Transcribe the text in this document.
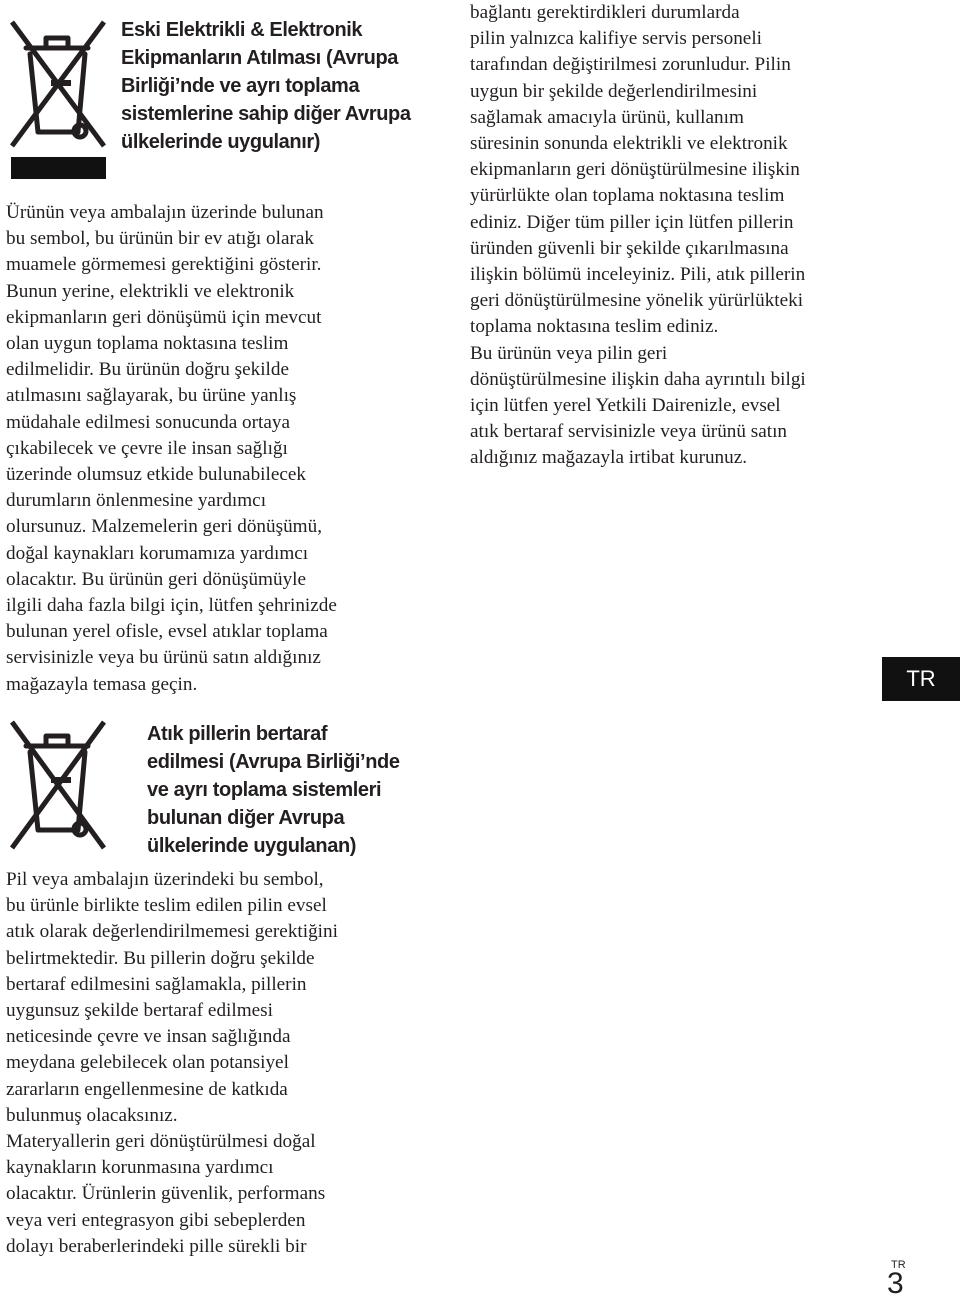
Eski Elektrikli & Elektronik
Ekipmanların Atılması (Avrupa
Birliği’nde ve ayrı toplama
sistemlerine sahip diğer Avrupa
ülkelerinde uygulanır)
Ürünün veya ambalajın üzerinde bulunan
bu sembol, bu ürünün bir ev atığı olarak
muamele görmemesi gerektiğini gösterir.
Bunun yerine, elektrikli ve elektronik
ekipmanların geri dönüşümü için mevcut
olan uygun toplama noktasına teslim
edilmelidir. Bu ürünün doğru şekilde
atılmasını sağlayarak, bu ürüne yanlış
müdahale edilmesi sonucunda ortaya
çıkabilecek ve çevre ile insan sağlığı
üzerinde olumsuz etkide bulunabilecek
durumların önlenmesine yardımcı
olursunuz. Malzemelerin geri dönüşümü,
doğal kaynakları korumamıza yardımcı
olacaktır. Bu ürünün geri dönüşümüyle
ilgili daha fazla bilgi için, lütfen şehrinizde
bulunan yerel ofisle, evsel atıklar toplama
servisinizle veya bu ürünü satın aldığınız
mağazayla temasa geçin.
Atık pillerin bertaraf
edilmesi (Avrupa Birliği’nde
ve ayrı toplama sistemleri
bulunan diğer Avrupa
ülkelerinde uygulanan)
Pil veya ambalajın üzerindeki bu sembol,
bu ürünle birlikte teslim edilen pilin evsel
atık olarak değerlendirilmemesi gerektiğini
belirtmektedir. Bu pillerin doğru şekilde
bertaraf edilmesini sağlamakla, pillerin
uygunsuz şekilde bertaraf edilmesi
neticesinde çevre ve insan sağlığında
meydana gelebilecek olan potansiyel
zararların engellenmesine de katkıda
bulunmuş olacaksınız.
Materyallerin geri dönüştürülmesi doğal
kaynakların korunmasına yardımcı
olacaktır. Ürünlerin güvenlik, performans
veya veri entegrasyon gibi sebeplerden
dolayı beraberlerindeki pille sürekli bir
bağlantı gerektirdikleri durumlarda
pilin yalnızca kalifiye servis personeli
tarafından değiştirilmesi zorunludur. Pilin
uygun bir şekilde değerlendirilmesini
sağlamak amacıyla ürünü, kullanım
süresinin sonunda elektrikli ve elektronik
ekipmanların geri dönüştürülmesine ilişkin
yürürlükte olan toplama noktasına teslim
ediniz. Diğer tüm piller için lütfen pillerin
üründen güvenli bir şekilde çıkarılmasına
ilişkin bölümü inceleyiniz. Pili, atık pillerin
geri dönüştürülmesine yönelik yürürlükteki
toplama noktasına teslim ediniz.
Bu ürünün veya pilin geri
dönüştürülmesine ilişkin daha ayrıntılı bilgi
için lütfen yerel Yetkili Dairenizle, evsel
atık bertaraf servisinizle veya ürünü satın
aldığınız mağazayla irtibat kurunuz.
TR
TR
3
